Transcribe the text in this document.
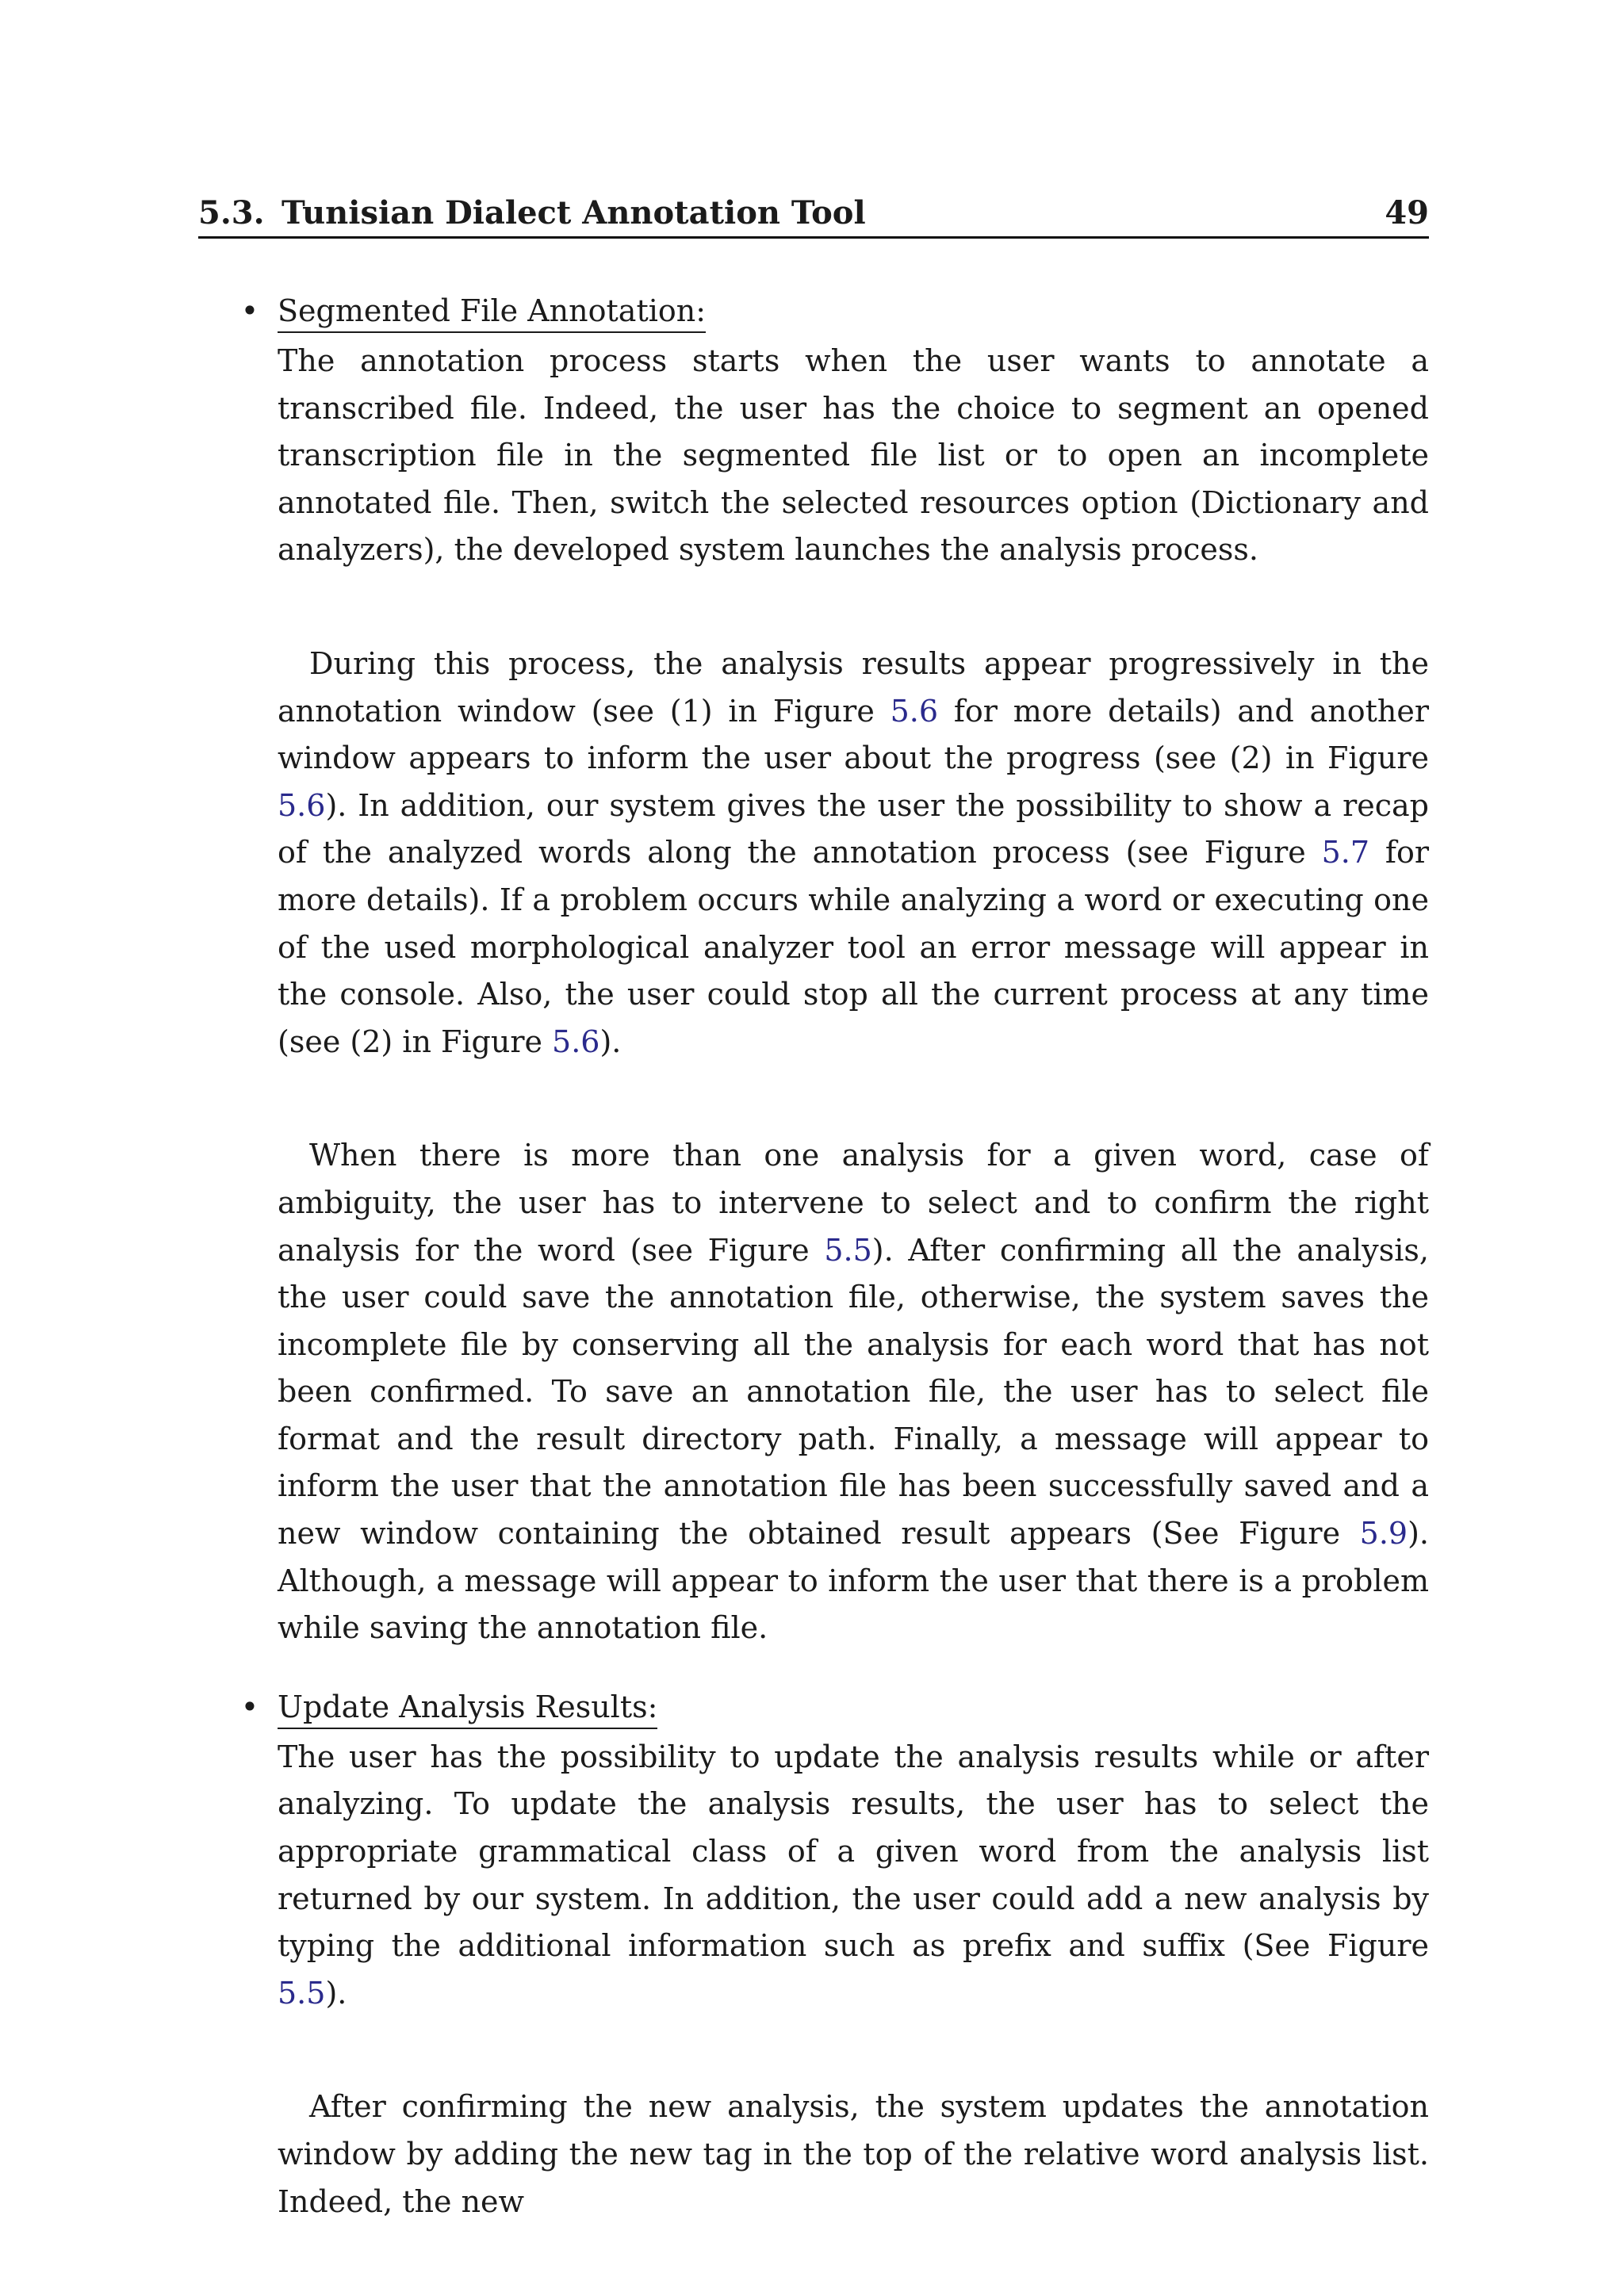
5.3. Tunisian Dialect Annotation Tool	49
• Segmented File Annotation:

The annotation process starts when the user wants to annotate a transcribed file. Indeed, the user has the choice to segment an opened transcription file in the segmented file list or to open an incomplete annotated file. Then, switch the selected resources option (Dictionary and analyzers), the developed system launches the analysis process.

During this process, the analysis results appear progressively in the annotation window (see (1) in Figure 5.6 for more details) and another window appears to inform the user about the progress (see (2) in Figure 5.6). In addition, our system gives the user the possibility to show a recap of the analyzed words along the annotation process (see Figure 5.7 for more details). If a problem occurs while analyzing a word or executing one of the used morphological analyzer tool an error message will appear in the console. Also, the user could stop all the current process at any time (see (2) in Figure 5.6).

When there is more than one analysis for a given word, case of ambiguity, the user has to intervene to select and to confirm the right analysis for the word (see Figure 5.5). After confirming all the analysis, the user could save the annotation file, otherwise, the system saves the incomplete file by conserving all the analysis for each word that has not been confirmed. To save an annotation file, the user has to select file format and the result directory path. Finally, a message will appear to inform the user that the annotation file has been successfully saved and a new window containing the obtained result appears (See Figure 5.9). Although, a message will appear to inform the user that there is a problem while saving the annotation file.

• Update Analysis Results:

The user has the possibility to update the analysis results while or after analyzing. To update the analysis results, the user has to select the appropriate grammatical class of a given word from the analysis list returned by our system. In addition, the user could add a new analysis by typing the additional information such as prefix and suffix (See Figure 5.5).

After confirming the new analysis, the system updates the annotation window by adding the new tag in the top of the relative word analysis list. Indeed, the new
